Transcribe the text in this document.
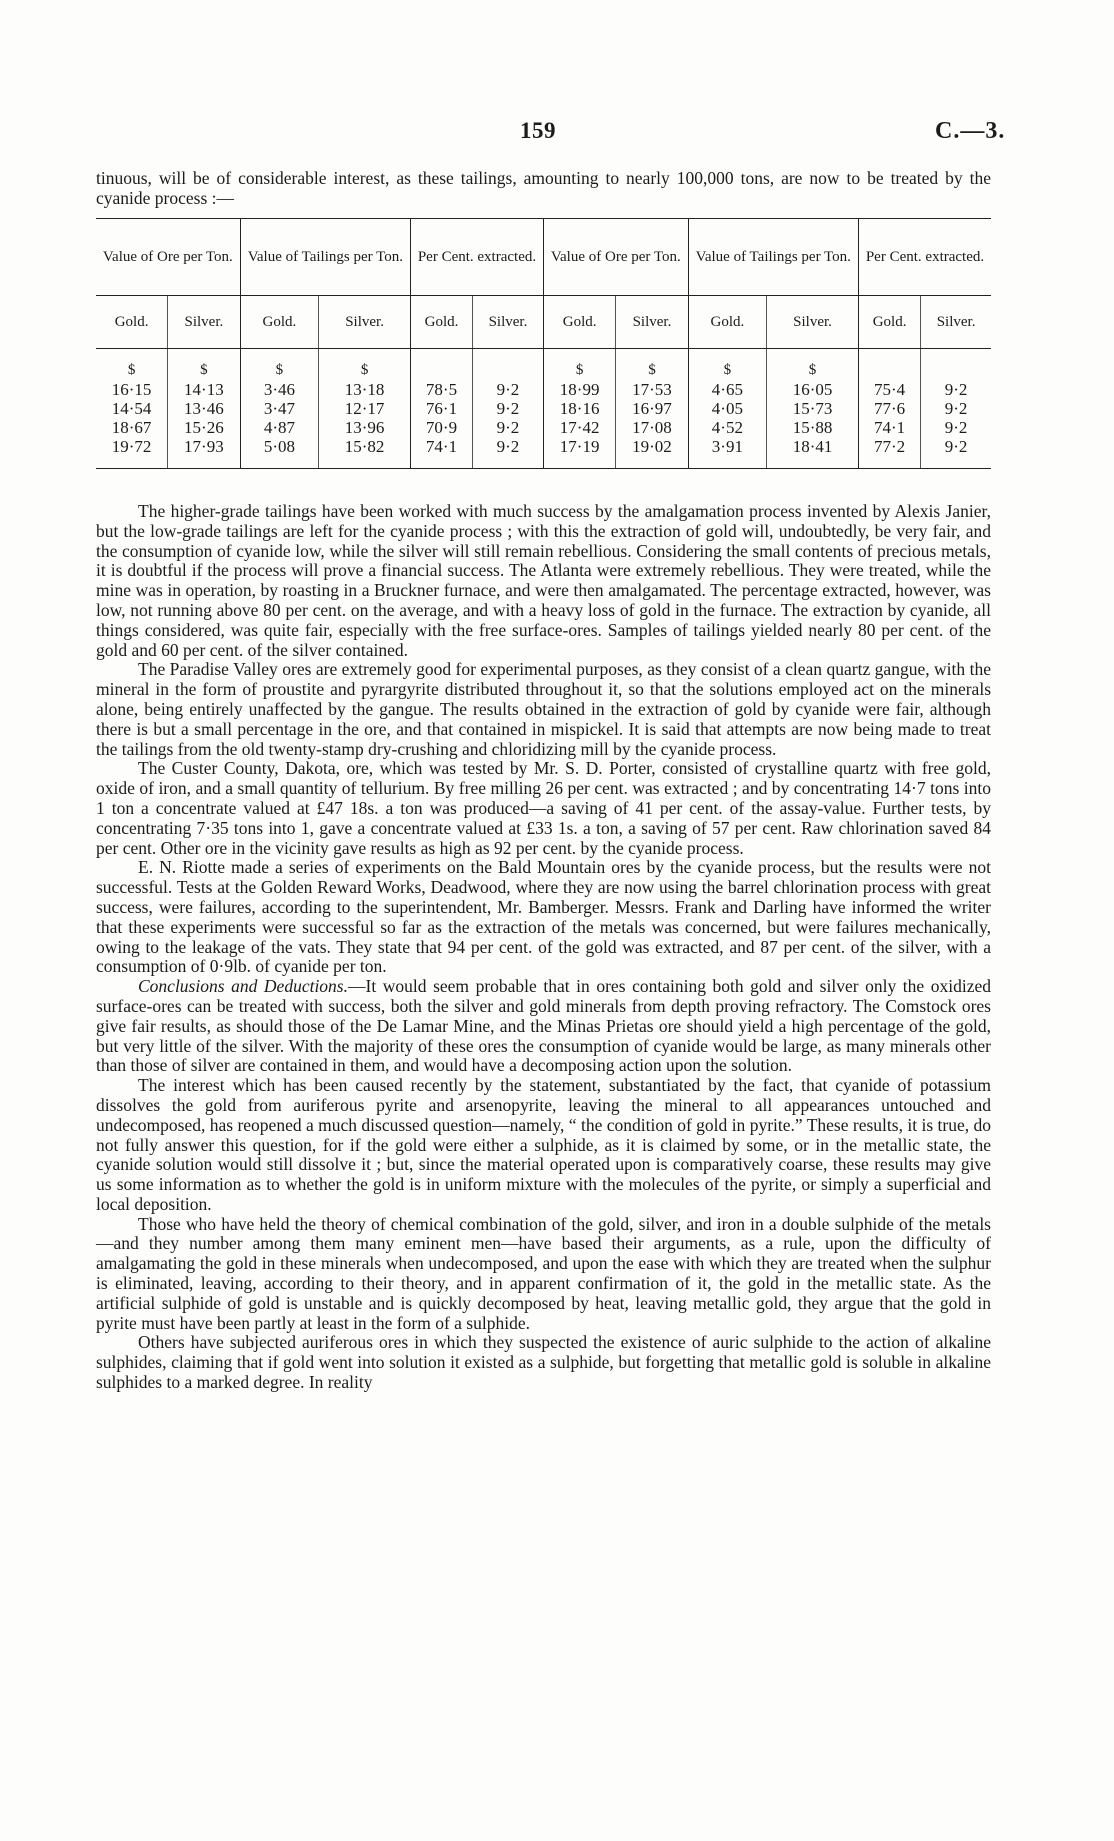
159	C.—3.

tinuous, will be of considerable interest, as these tailings, amounting to nearly 100,000 tons, are now to be treated by the cyanide process :—

Value of Ore per Ton.		Value of Tailings per Ton.		Per Cent. extracted.		Value of Ore per Ton.		Value of Tailings per Ton.		Per Cent. extracted.	
Gold.	Silver.	Gold.	Silver.	Gold.	Silver.	Gold.	Silver.	Gold.	Silver.	Gold.	Silver.
$	$	$	$			$	$	$	$		
16·15	14·13	3·46	13·18	78·5	9·2	18·99	17·53	4·65	16·05	75·4	9·2
14·54	13·46	3·47	12·17	76·1	9·2	18·16	16·97	4·05	15·73	77·6	9·2
18·67	15·26	4·87	13·96	70·9	9·2	17·42	17·08	4·52	15·88	74·1	9·2
19·72	17·93	5·08	15·82	74·1	9·2	17·19	19·02	3·91	18·41	77·2	9·2

The higher-grade tailings have been worked with much success by the amalgamation process invented by Alexis Janier, but the low-grade tailings are left for the cyanide process ; with this the extraction of gold will, undoubtedly, be very fair, and the consumption of cyanide low, while the silver will still remain rebellious. Considering the small contents of precious metals, it is doubtful if the process will prove a financial success. The Atlanta were extremely rebellious. They were treated, while the mine was in operation, by roasting in a Bruckner furnace, and were then amalgamated. The percentage extracted, however, was low, not running above 80 per cent. on the average, and with a heavy loss of gold in the furnace. The extraction by cyanide, all things considered, was quite fair, especially with the free surface-ores. Samples of tailings yielded nearly 80 per cent. of the gold and 60 per cent. of the silver contained.

The Paradise Valley ores are extremely good for experimental purposes, as they consist of a clean quartz gangue, with the mineral in the form of proustite and pyrargyrite distributed throughout it, so that the solutions employed act on the minerals alone, being entirely unaffected by the gangue. The results obtained in the extraction of gold by cyanide were fair, although there is but a small percentage in the ore, and that contained in mispickel. It is said that attempts are now being made to treat the tailings from the old twenty-stamp dry-crushing and chloridizing mill by the cyanide process.

The Custer County, Dakota, ore, which was tested by Mr. S. D. Porter, consisted of crystalline quartz with free gold, oxide of iron, and a small quantity of tellurium. By free milling 26 per cent. was extracted ; and by concentrating 14·7 tons into 1 ton a concentrate valued at £47 18s. a ton was produced—a saving of 41 per cent. of the assay-value. Further tests, by concentrating 7·35 tons into 1, gave a concentrate valued at £33 1s. a ton, a saving of 57 per cent. Raw chlorination saved 84 per cent. Other ore in the vicinity gave results as high as 92 per cent. by the cyanide process.

E. N. Riotte made a series of experiments on the Bald Mountain ores by the cyanide process, but the results were not successful. Tests at the Golden Reward Works, Deadwood, where they are now using the barrel chlorination process with great success, were failures, according to the superintendent, Mr. Bamberger. Messrs. Frank and Darling have informed the writer that these experiments were successful so far as the extraction of the metals was concerned, but were failures mechanically, owing to the leakage of the vats. They state that 94 per cent. of the gold was extracted, and 87 per cent. of the silver, with a consumption of 0·9lb. of cyanide per ton.

Conclusions and Deductions.—It would seem probable that in ores containing both gold and silver only the oxidized surface-ores can be treated with success, both the silver and gold minerals from depth proving refractory. The Comstock ores give fair results, as should those of the De Lamar Mine, and the Minas Prietas ore should yield a high percentage of the gold, but very little of the silver. With the majority of these ores the consumption of cyanide would be large, as many minerals other than those of silver are contained in them, and would have a decomposing action upon the solution.

The interest which has been caused recently by the statement, substantiated by the fact, that cyanide of potassium dissolves the gold from auriferous pyrite and arsenopyrite, leaving the mineral to all appearances untouched and undecomposed, has reopened a much discussed question—namely, “ the condition of gold in pyrite.” These results, it is true, do not fully answer this question, for if the gold were either a sulphide, as it is claimed by some, or in the metallic state, the cyanide solution would still dissolve it ; but, since the material operated upon is comparatively coarse, these results may give us some information as to whether the gold is in uniform mixture with the molecules of the pyrite, or simply a superficial and local deposition.

Those who have held the theory of chemical combination of the gold, silver, and iron in a double sulphide of the metals—and they number among them many eminent men—have based their arguments, as a rule, upon the difficulty of amalgamating the gold in these minerals when undecomposed, and upon the ease with which they are treated when the sulphur is eliminated, leaving, according to their theory, and in apparent confirmation of it, the gold in the metallic state. As the artificial sulphide of gold is unstable and is quickly decomposed by heat, leaving metallic gold, they argue that the gold in pyrite must have been partly at least in the form of a sulphide.

Others have subjected auriferous ores in which they suspected the existence of auric sulphide to the action of alkaline sulphides, claiming that if gold went into solution it existed as a sulphide, but forgetting that metallic gold is soluble in alkaline sulphides to a marked degree. In reality
